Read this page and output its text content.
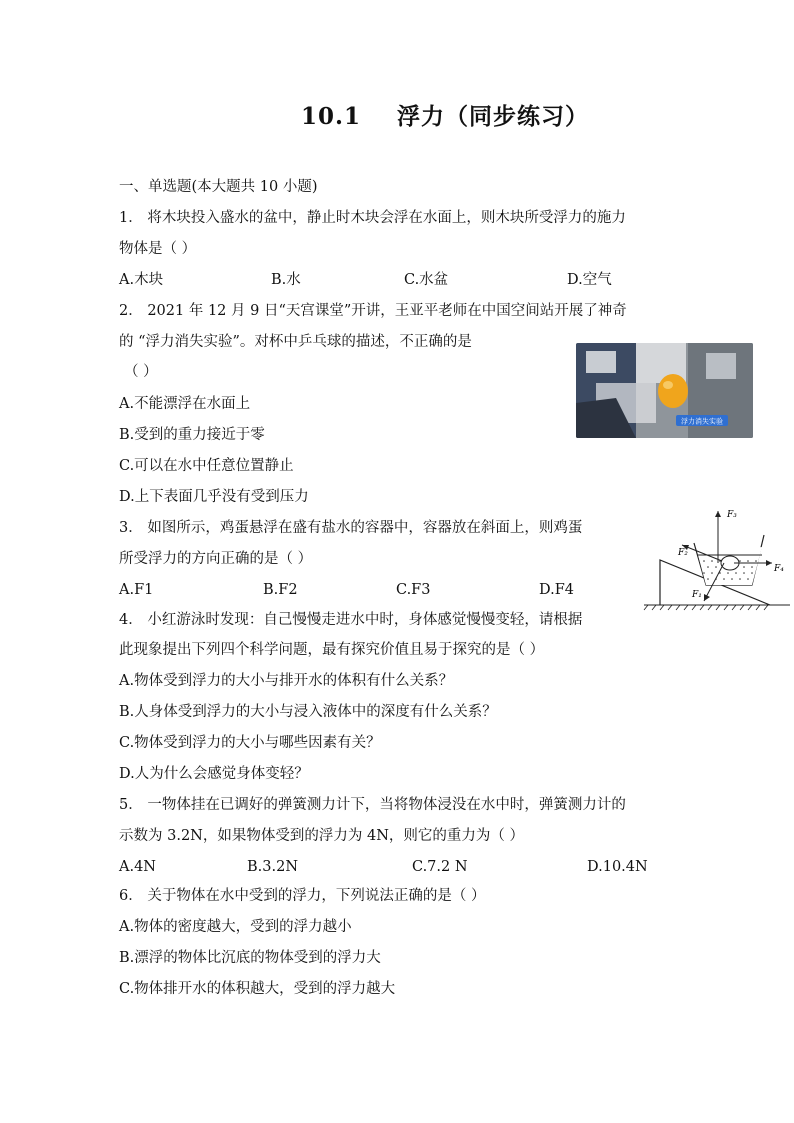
10.1 浮力（同步练习）
一、单选题(本大题共 10 小题)
1． 将木块投入盛水的盆中，静止时木块会浮在水面上，则木块所受浮力的施力
物体是（ ）
A.木块	B.水	C.水盆	D.空气
2． 2021 年 12 月 9 日“天宫课堂”开讲，王亚平老师在中国空间站开展了神奇
的 “浮力消失实验”。对杯中乒乓球的描述，不正确的是
（ ）
A.不能漂浮在水面上
B.受到的重力接近于零
C.可以在水中任意位置静止
D.上下表面几乎没有受到压力
浮力消失实验
3． 如图所示，鸡蛋悬浮在盛有盐水的容器中，容器放在斜面上，则鸡蛋
所受浮力的方向正确的是（ ）
A.F1	B.F2	C.F3	D.F4
F₃
F₂
F₄
F₁
4． 小红游泳时发现：自己慢慢走进水中时，身体感觉慢慢变轻，请根据
此现象提出下列四个科学问题，最有探究价值且易于探究的是（ ）
A.物体受到浮力的大小与排开水的体积有什么关系？
B.人身体受到浮力的大小与浸入液体中的深度有什么关系？
C.物体受到浮力的大小与哪些因素有关？
D.人为什么会感觉身体变轻？
5． 一物体挂在已调好的弹簧测力计下，当将物体浸没在水中时，弹簧测力计的
示数为 3.2N，如果物体受到的浮力为 4N，则它的重力为（ ）
A.4N	B.3.2N	C.7.2 N	D.10.4N
6． 关于物体在水中受到的浮力，下列说法正确的是（ ）
A.物体的密度越大，受到的浮力越小
B.漂浮的物体比沉底的物体受到的浮力大
C.物体排开水的体积越大，受到的浮力越大
